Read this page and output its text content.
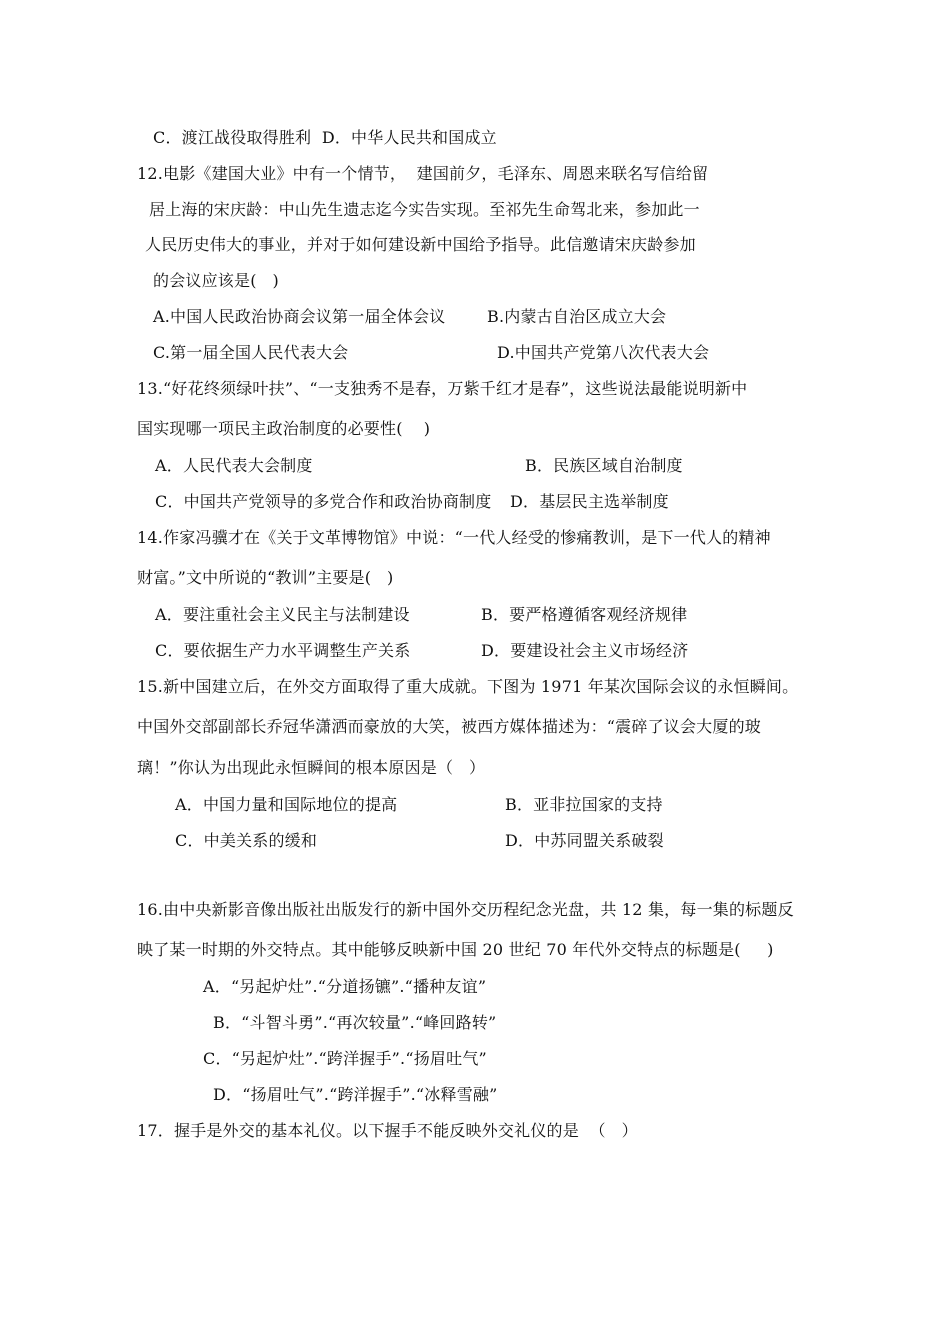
C．渡江战役取得胜利  D．中华人民共和国成立
12.电影《建国大业》中有一个情节，  建国前夕，毛泽东、周恩来联名写信给留
居上海的宋庆龄：中山先生遗志迄今实告实现。至祁先生命驾北来，参加此一
人民历史伟大的事业，并对于如何建设新中国给予指导。此信邀请宋庆龄参加
的会议应该是(   )
A.中国人民政治协商会议第一届全体会议	B.内蒙古自治区成立大会
C.第一届全国人民代表大会	D.中国共产党第八次代表大会
13.“好花终须绿叶扶”、“一支独秀不是春，万紫千红才是春”，这些说法最能说明新中
国实现哪一项民主政治制度的必要性(    )
A．人民代表大会制度	B．民族区域自治制度
C．中国共产党领导的多党合作和政治协商制度 D．基层民主选举制度
14.作家冯骥才在《关于文革博物馆》中说：“一代人经受的惨痛教训，是下一代人的精神
财富。”文中所说的“教训”主要是(   )
A．要注重社会主义民主与法制建设	B．要严格遵循客观经济规律
C．要依据生产力水平调整生产关系	D．要建设社会主义市场经济
15.新中国建立后，在外交方面取得了重大成就。下图为 1971 年某次国际会议的永恒瞬间。
中国外交部副部长乔冠华潇洒而豪放的大笑，被西方媒体描述为：“震碎了议会大厦的玻
璃！”你认为出现此永恒瞬间的根本原因是（   ）
A．中国力量和国际地位的提高	B．亚非拉国家的支持
C．中美关系的缓和	D．中苏同盟关系破裂
16.由中央新影音像出版社出版发行的新中国外交历程纪念光盘，共 12 集，每一集的标题反
映了某一时期的外交特点。其中能够反映新中国 20 世纪 70 年代外交特点的标题是(     )
A．“另起炉灶”.“分道扬镳”.“播种友谊”
B．“斗智斗勇”.“再次较量”.“峰回路转”
C．“另起炉灶”.“跨洋握手”.“扬眉吐气”
D．“扬眉吐气”.“跨洋握手”.“冰释雪融”
17．握手是外交的基本礼仪。以下握手不能反映外交礼仪的是  （   ）
